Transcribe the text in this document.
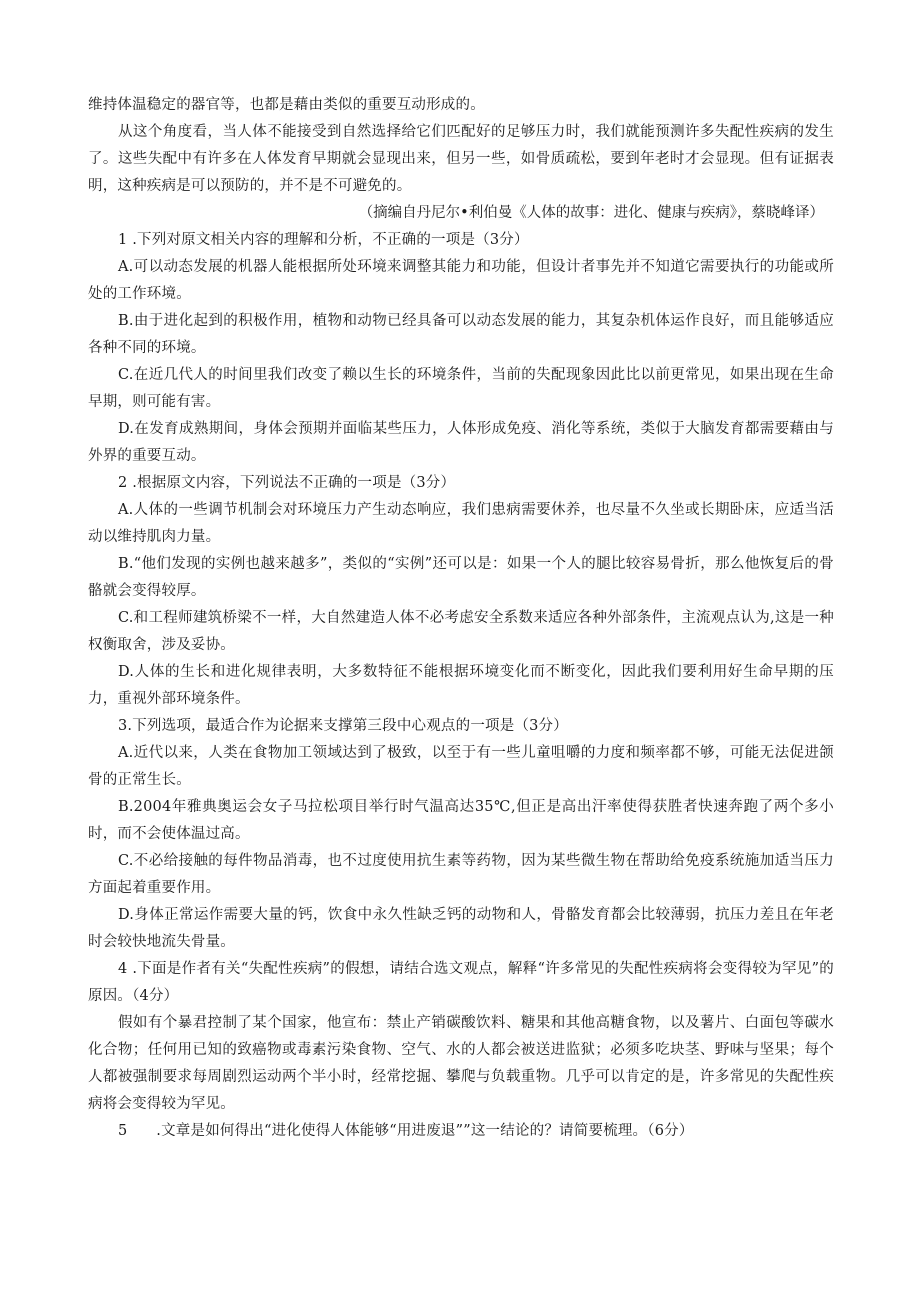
维持体温稳定的器官等，也都是藉由类似的重要互动形成的。

从这个角度看，当人体不能接受到自然选择给它们匹配好的足够压力时，我们就能预测许多失配性疾病的发生了。这些失配中有许多在人体发育早期就会显现出来，但另一些，如骨质疏松，要到年老时才会显现。但有证据表明，这种疾病是可以预防的，并不是不可避免的。

（摘编自丹尼尔•利伯曼《人体的故事：进化、健康与疾病》，蔡晓峰译）

1 .下列对原文相关内容的理解和分析，不正确的一项是（3分）

A.可以动态发展的机器人能根据所处环境来调整其能力和功能，但设计者事先并不知道它需要执行的功能或所处的工作环境。

B.由于进化起到的积极作用，植物和动物已经具备可以动态发展的能力，其复杂机体运作良好，而且能够适应各种不同的环境。

C.在近几代人的时间里我们改变了赖以生长的环境条件，当前的失配现象因此比以前更常见，如果出现在生命早期，则可能有害。

D.在发育成熟期间，身体会预期并面临某些压力，人体形成免疫、消化等系统，类似于大脑发育都需要藉由与外界的重要互动。

2 .根据原文内容，下列说法不正确的一项是（3分）

A.人体的一些调节机制会对环境压力产生动态响应，我们患病需要休养，也尽量不久坐或长期卧床，应适当活动以维持肌肉力量。

B.“他们发现的实例也越来越多”，类似的“实例”还可以是：如果一个人的腿比较容易骨折，那么他恢复后的骨骼就会变得较厚。

C.和工程师建筑桥梁不一样，大自然建造人体不必考虑安全系数来适应各种外部条件，主流观点认为,这是一种权衡取舍，涉及妥协。

D.人体的生长和进化规律表明，大多数特征不能根据环境变化而不断变化，因此我们要利用好生命早期的压力，重视外部环境条件。

3.下列选项，最适合作为论据来支撑第三段中心观点的一项是（3分）

A.近代以来，人类在食物加工领域达到了极致，以至于有一些儿童咀嚼的力度和频率都不够，可能无法促进颌骨的正常生长。

B.2004年雅典奥运会女子马拉松项目举行时气温高达35℃,但正是高出汗率使得获胜者快速奔跑了两个多小时，而不会使体温过高。

C.不必给接触的每件物品消毒，也不过度使用抗生素等药物，因为某些微生物在帮助给免疫系统施加适当压力方面起着重要作用。

D.身体正常运作需要大量的钙，饮食中永久性缺乏钙的动物和人，骨骼发育都会比较薄弱，抗压力差且在年老时会较快地流失骨量。

4 .下面是作者有关“失配性疾病”的假想，请结合选文观点，解释“许多常见的失配性疾病将会变得较为罕见”的原因。（4分）

假如有个暴君控制了某个国家，他宣布：禁止产销碳酸饮料、糖果和其他高糖食物，以及薯片、白面包等碳水化合物；任何用已知的致癌物或毒素污染食物、空气、水的人都会被送进监狱；必须多吃块茎、野味与坚果；每个人都被强制要求每周剧烈运动两个半小时，经常挖掘、攀爬与负载重物。几乎可以肯定的是，许多常见的失配性疾病将会变得较为罕见。

5      .文章是如何得出“进化使得人体能够“用进废退””这一结论的？请简要梳理。（6分）
